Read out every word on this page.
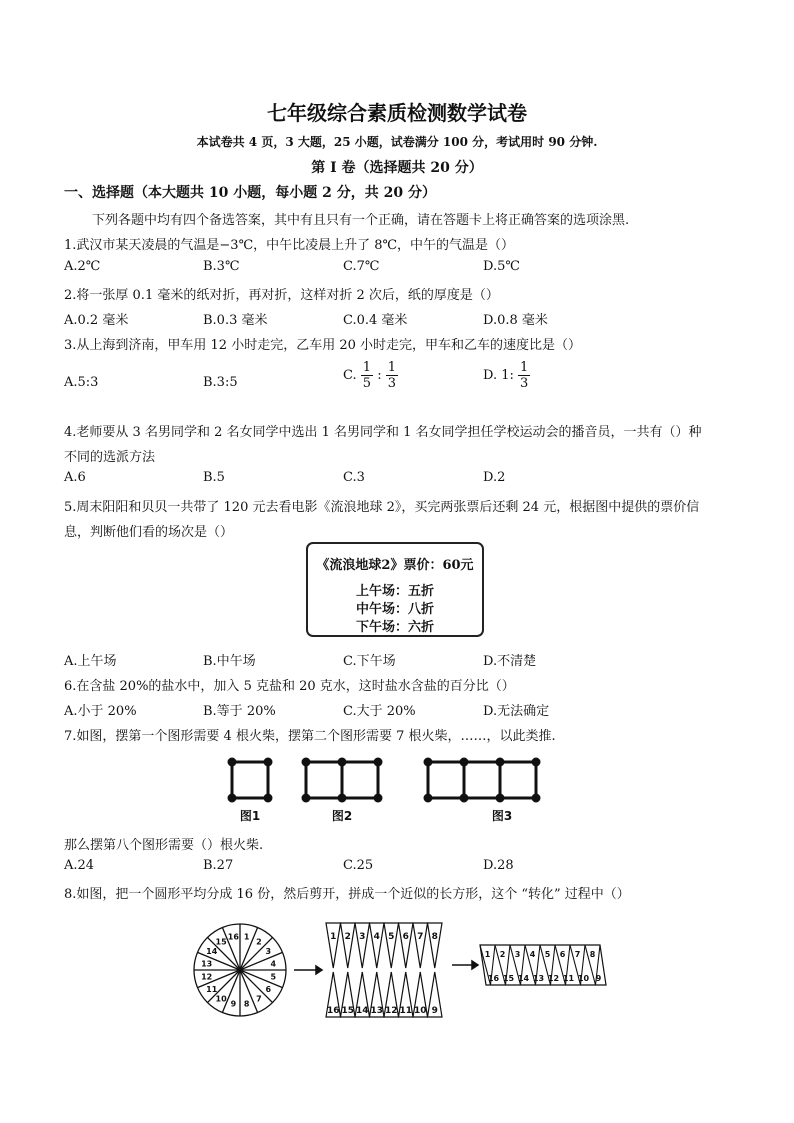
七年级综合素质检测数学试卷
本试卷共 4 页，3 大题，25 小题，试卷满分 100 分，考试用时 90 分钟.
第 I 卷（选择题共 20 分）
一、选择题（本大题共 10 小题，每小题 2 分，共 20 分）
下列各题中均有四个备选答案，其中有且只有一个正确，请在答题卡上将正确答案的选项涂黑.
1.武汉市某天凌晨的气温是−3℃，中午比凌晨上升了 8℃，中午的气温是（）
A.2℃	B.3℃	C.7℃	D.5℃
2.将一张厚 0.1 毫米的纸对折，再对折，这样对折 2 次后，纸的厚度是（）
A.0.2 毫米	B.0.3 毫米	C.0.4 毫米	D.0.8 毫米
3.从上海到济南，甲车用 12 小时走完，乙车用 20 小时走完，甲车和乙车的速度比是（）
A.5:3	B.3:5	C. $\frac{1}{5}$ : $\frac{1}{3}$	D. 1: $\frac{1}{3}$
4.老师要从 3 名男同学和 2 名女同学中选出 1 名男同学和 1 名女同学担任学校运动会的播音员，一共有（）种
不同的选派方法
A.6	B.5	C.3	D.2
5.周末阳阳和贝贝一共带了 120 元去看电影《流浪地球 2》，买完两张票后还剩 24 元，根据图中提供的票价信
息，判断他们看的场次是（）
《流浪地球2》票价：60元
上午场：五折
中午场：八折
下午场：六折
A.上午场	B.中午场	C.下午场	D.不清楚
6.在含盐 20%的盐水中，加入 5 克盐和 20 克水，这时盐水含盐的百分比（）
A.小于 20%	B.等于 20%	C.大于 20%	D.无法确定
7.如图，摆第一个图形需要 4 根火柴，摆第二个图形需要 7 根火柴，……，以此类推.
图1	图2	图3
那么摆第八个图形需要（）根火柴.
A.24	B.27	C.25	D.28
8.如图，把一个圆形平均分成 16 份，然后剪开，拼成一个近似的长方形，这个 “转化” 过程中（）
1
2
3
4
5
6
7
8
9
10
11
12
13
14
15
16	1
16
2
15
3
14
4
13
5
12
6
11
7
10
8
9
1
16
2
15
3
14
4
13
5
12
6
11
7
10
8
9
